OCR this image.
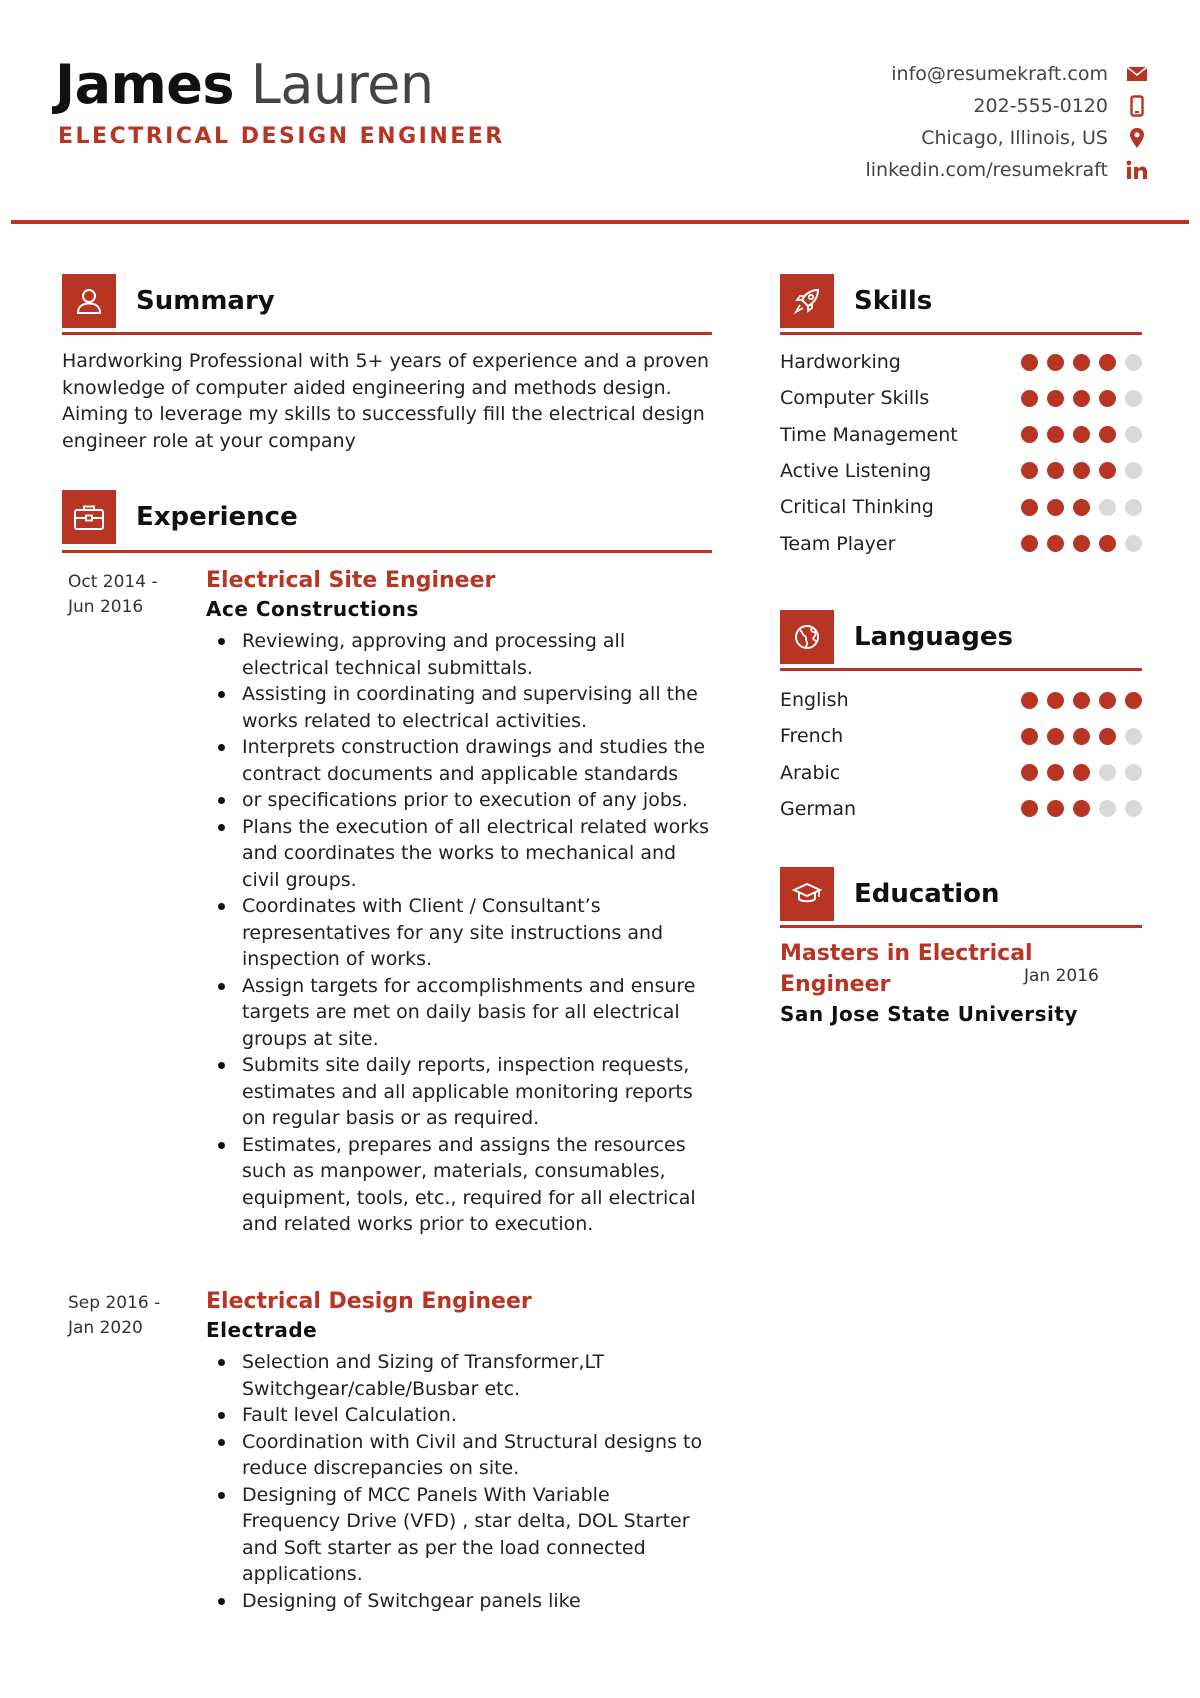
James Lauren
ELECTRICAL DESIGN ENGINEER
info@resumekraft.com
202-555-0120
Chicago, Illinois, US
linkedin.com/resumekraft
Summary
Hardworking Professional with 5+ years of experience and a proven knowledge of computer aided engineering and methods design. Aiming to leverage my skills to successfully fill the electrical design engineer role at your company
Experience
Oct 2014 -
Jun 2016
Electrical Site Engineer
Ace Constructions
Reviewing, approving and processing all electrical technical submittals.
Assisting in coordinating and supervising all the works related to electrical activities.
Interprets construction drawings and studies the contract documents and applicable standards
or specifications prior to execution of any jobs.
Plans the execution of all electrical related works and coordinates the works to mechanical and civil groups.
Coordinates with Client / Consultant’s representatives for any site instructions and inspection of works.
Assign targets for accomplishments and ensure targets are met on daily basis for all electrical groups at site.
Submits site daily reports, inspection requests, estimates and all applicable monitoring reports on regular basis or as required.
Estimates, prepares and assigns the resources such as manpower, materials, consumables, equipment, tools, etc., required for all electrical and related works prior to execution.
Sep 2016 -
Jan 2020
Electrical Design Engineer
Electrade
Selection and Sizing of Transformer,LT Switchgear/cable/Busbar etc.
Fault level Calculation.
Coordination with Civil and Structural designs to reduce discrepancies on site.
Designing of MCC Panels With Variable Frequency Drive (VFD) , star delta, DOL Starter and Soft starter as per the load connected applications.
Designing of Switchgear panels like
Skills
Hardworking
Computer Skills
Time Management
Active Listening
Critical Thinking
Team Player
Languages
English
French
Arabic
German
Education
Masters in Electrical Engineer	Jan 2016
San Jose State University
